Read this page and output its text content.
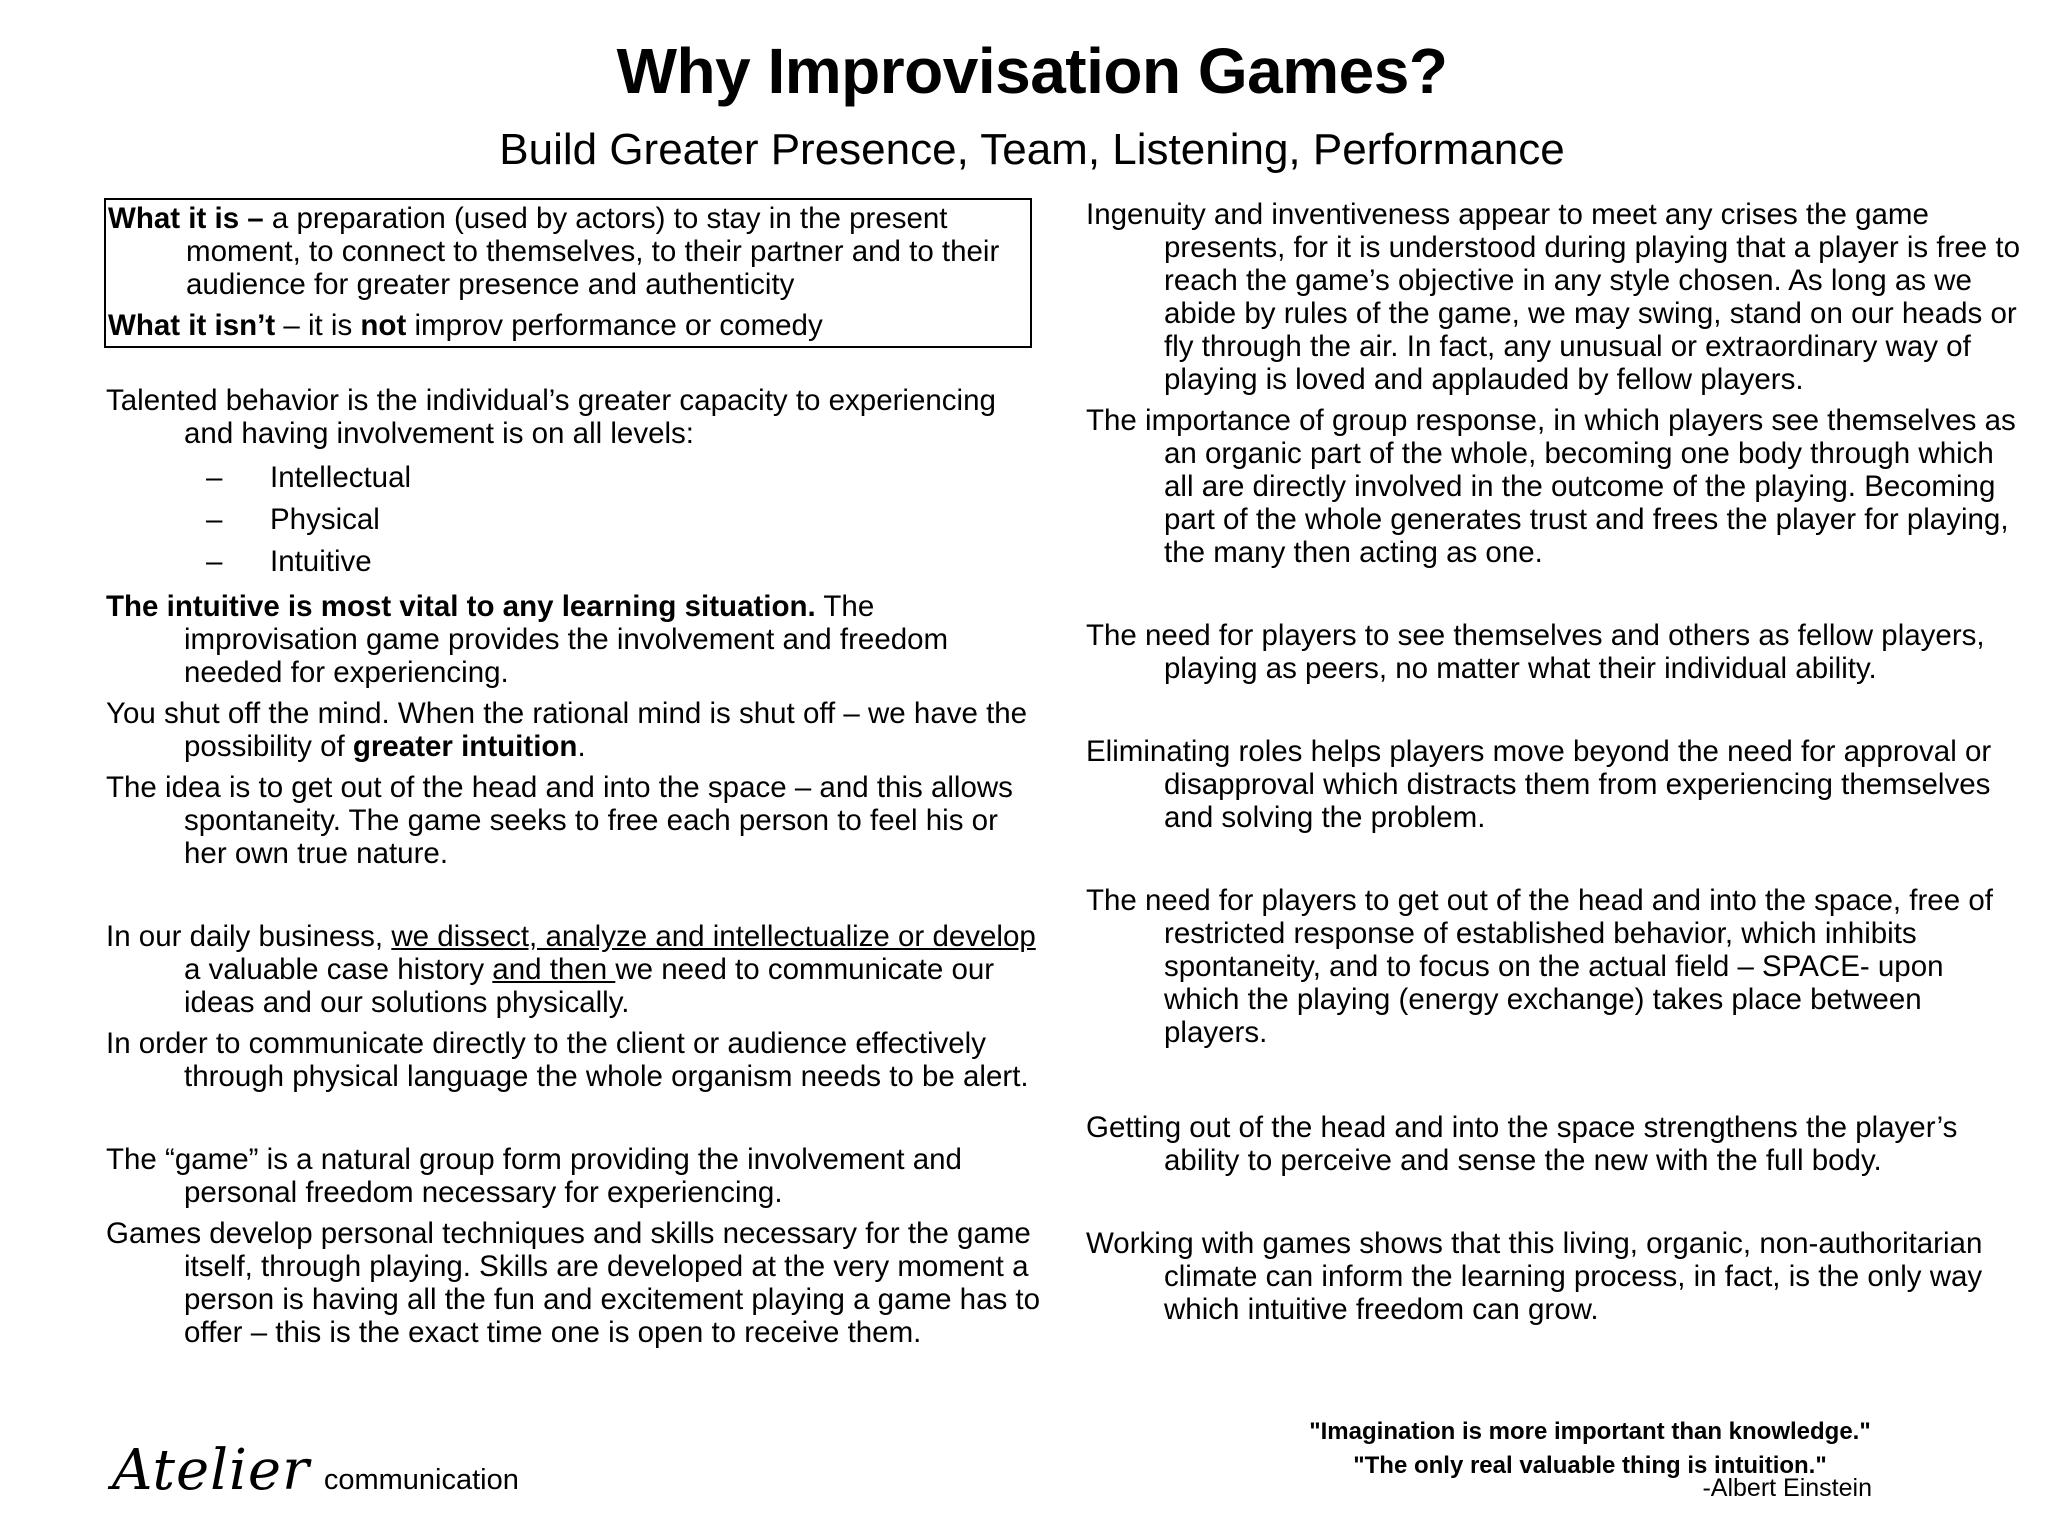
Why Improvisation Games?
Build Greater Presence, Team, Listening, Performance

What it is – a preparation (used by actors) to stay in the present moment, to connect to themselves, to their partner and to their audience for greater presence and authenticity

What it isn’t – it is not improv performance or comedy

Talented behavior is the individual’s greater capacity to experiencing and having involvement is on all levels:

–	Intellectual
–	Physical
–	Intuitive

The intuitive is most vital to any learning situation. The improvisation game provides the involvement and freedom needed for experiencing.

You shut off the mind. When the rational mind is shut off – we have the possibility of greater intuition.

The idea is to get out of the head and into the space – and this allows spontaneity. The game seeks to free each person to feel his or her own true nature.

In our daily business, we dissect, analyze and intellectualize or develop a valuable case history and then we need to communicate our ideas and our solutions physically.

In order to communicate directly to the client or audience effectively through physical language the whole organism needs to be alert.

The “game” is a natural group form providing the involvement and personal freedom necessary for experiencing.

Games develop personal techniques and skills necessary for the game itself, through playing. Skills are developed at the very moment a person is having all the fun and excitement playing a game has to offer – this is the exact time one is open to receive them.

Ingenuity and inventiveness appear to meet any crises the game presents, for it is understood during playing that a player is free to reach the game’s objective in any style chosen. As long as we abide by rules of the game, we may swing, stand on our heads or fly through the air. In fact, any unusual or extraordinary way of playing is loved and applauded by fellow players.

The importance of group response, in which players see themselves as an organic part of the whole, becoming one body through which all are directly involved in the outcome of the playing. Becoming part of the whole generates trust and frees the player for playing, the many then acting as one.

The need for players to see themselves and others as fellow players, playing as peers, no matter what their individual ability.

Eliminating roles helps players move beyond the need for approval or disapproval which distracts them from experiencing themselves and solving the problem.

The need for players to get out of the head and into the space, free of restricted response of established behavior, which inhibits spontaneity, and to focus on the actual field – SPACE- upon which the playing (energy exchange) takes place between players.

Getting out of the head and into the space strengthens the player’s ability to perceive and sense the new with the full body.

Working with games shows that this living, organic, non-authoritarian climate can inform the learning process, in fact, is the only way which intuitive freedom can grow.

"Imagination is more important than knowledge."
"The only real valuable thing is intuition."
-Albert Einstein
Atelier communication
